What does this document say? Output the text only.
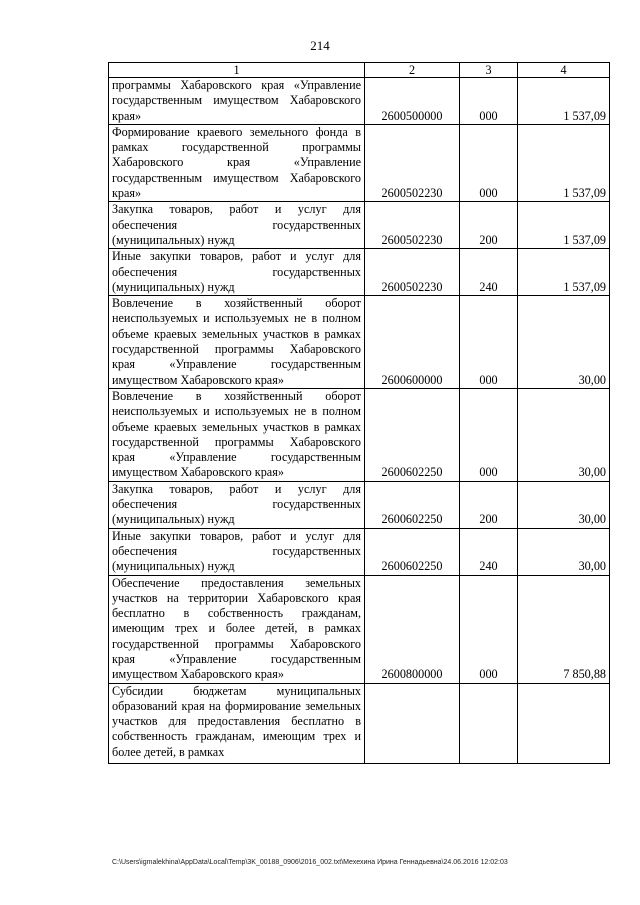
214
1	2	3	4
программы Хабаровского края «Управление государственным имуществом Хабаровского края»	2600500000	000	1 537,09
Формирование краевого земельного фонда в рамках государственной программы Хабаровского края «Управление государственным имуществом Хабаровского края»	2600502230	000	1 537,09
Закупка товаров, работ и услуг для обеспечения государственных (муниципальных) нужд	2600502230	200	1 537,09
Иные закупки товаров, работ и услуг для обеспечения государственных (муниципальных) нужд	2600502230	240	1 537,09
Вовлечение в хозяйственный оборот неиспользуемых и используемых не в полном объеме краевых земельных участков в рамках государственной программы Хабаровского края «Управление государственным имуществом Хабаровского края»	2600600000	000	30,00
Вовлечение в хозяйственный оборот неиспользуемых и используемых не в полном объеме краевых земельных участков в рамках государственной программы Хабаровского края «Управление государственным имуществом Хабаровского края»	2600602250	000	30,00
Закупка товаров, работ и услуг для обеспечения государственных (муниципальных) нужд	2600602250	200	30,00
Иные закупки товаров, работ и услуг для обеспечения государственных (муниципальных) нужд	2600602250	240	30,00
Обеспечение предоставления земельных участков на территории Хабаровского края бесплатно в собственность гражданам, имеющим трех и более детей, в рамках государственной программы Хабаровского края «Управление государственным имуществом Хабаровского края»	2600800000	000	7 850,88
Субсидии бюджетам муниципальных образований края на формирование земельных участков для предоставления бесплатно в собственность гражданам, имеющим трех и более детей, в рамках			
C:\Users\igmalekhina\AppData\Local\Temp\3K_00188_0906\2016_002.txt\Мехехина Ирина Геннадьевна\24.06.2016 12:02:03
